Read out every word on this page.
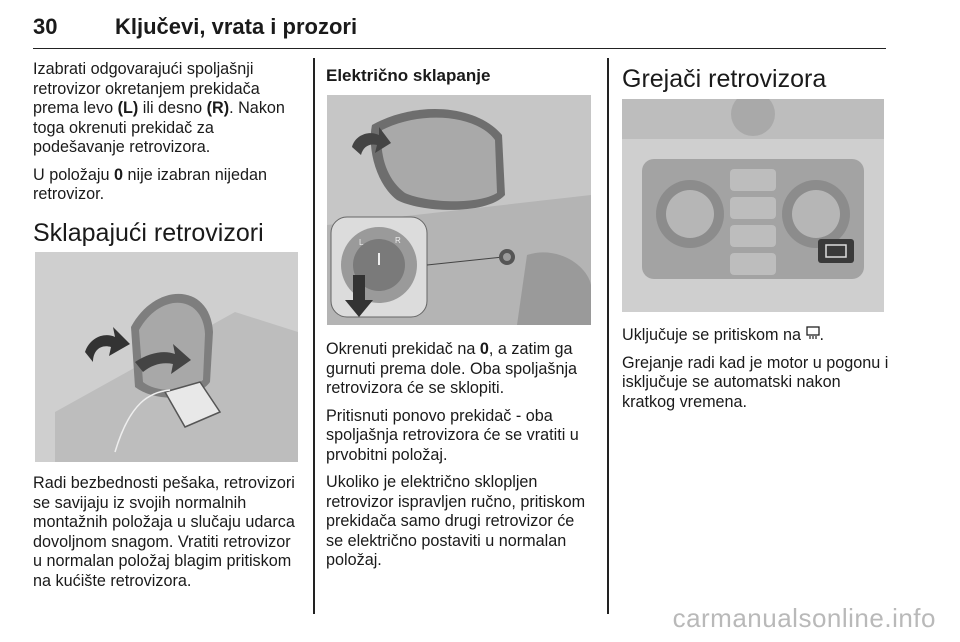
30	Ključevi, vrata i prozori

Izabrati odgovarajući spoljašnji retrovizor okretanjem prekidača prema levo (L) ili desno (R). Nakon toga okrenuti prekidač za podešavanje retrovizora.

U položaju 0 nije izabran nijedan retrovizor.

Sklapajući retrovizori

Radi bezbednosti pešaka, retrovizori se savijaju iz svojih normalnih montažnih položaja u slučaju udarca dovoljnom snagom. Vratiti retrovizor u normalan položaj blagim pritiskom na kućište retrovizora.

Električno sklapanje
L	R

Okrenuti prekidač na 0, a zatim ga gurnuti prema dole. Oba spoljašnja retrovizora će se sklopiti.

Pritisnuti ponovo prekidač - oba spoljašnja retrovizora će se vratiti u prvobitni položaj.

Ukoliko je električno sklopljen retrovizor ispravljen ručno, pritiskom prekidača samo drugi retrovizor će se električno postaviti u normalan položaj.

Grejači retrovizora

Uključuje se pritiskom na .

Grejanje radi kad je motor u pogonu i isključuje se automatski nakon kratkog vremena.

carmanualsonline.info
